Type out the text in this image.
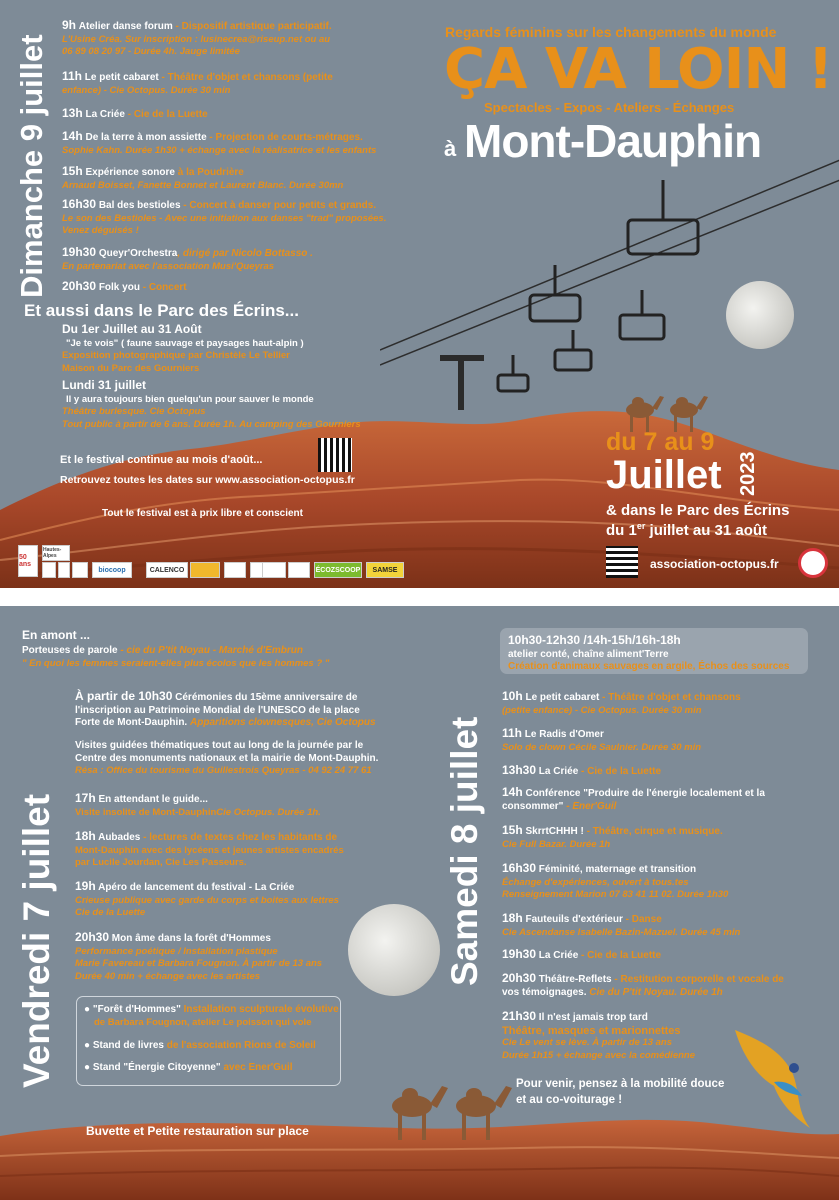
Dimanche 9 juillet
9h Atelier danse forum - Dispositif artistique participatif.
L'Usine Créa. Sur inscription : lusinecrea@riseup.net ou au
06 89 08 20 97 - Durée 4h. Jauge limitée
11h Le petit cabaret - Théâtre d'objet et chansons (petite
enfance) - Cie Octopus. Durée 30 min
13h La Criée - Cie de la Luette
14h De la terre à mon assiette - Projection de courts-métrages.
Sophie Kahn. Durée 1h30 + échange avec la réalisatrice et les enfants
15h Expérience sonore à la Poudrière
Arnaud Boisset, Fanette Bonnet et Laurent Blanc. Durée 30mn
16h30 Bal des bestioles - Concert à danser pour petits et grands.
Le son des Bestioles - Avec une initiation aux danses "trad" proposées.
Venez déguisés !
19h30 Queyr'Orchestra, dirigé par Nicolo Bottasso .
En partenariat avec l'association Musi'Queyras
20h30 Folk you - Concert
Et aussi dans le Parc des Écrins...
Du 1er Juillet au 31 Août
"Je te vois" ( faune sauvage et paysages haut-alpin )
Exposition photographique par Christèle Le Tellier
Maison du Parc des Gourniers
Lundi 31 juillet
Il y aura toujours bien quelqu'un pour sauver le monde
Théâtre burlesque. Cie Octopus
Tout public à partir de 6 ans. Durée 1h. Au camping des Gourniers
Et le festival continue au mois d'août...
Retrouvez toutes les dates sur www.association-octopus.fr
Tout le festival est à prix libre et conscient
50 ans
Hautes-Alpes
biocoop	CALENCO	ÉCOZSCOOP	SAMSE
Regards féminins sur les changements du monde
ÇA VA LOIN !
Spectacles - Expos - Ateliers - Échanges
à Mont-Dauphin
du 7 au 9
Juillet 2023
& dans le Parc des Écrins
du 1er juillet au 31 août
association-octopus.fr
En amont ...
Porteuses de parole - cie du P'tit Noyau - Marché d'Embrun
" En quoi les femmes seraient-elles plus écolos que les hommes ? "
Vendredi 7 juillet	Samedi 8 juillet
À partir de 10h30 Cérémonies du 15ème anniversaire de
l'inscription au Patrimoine Mondial de l'UNESCO de la place
Forte de Mont-Dauphin. Apparitions clownesques, Cie Octopus
Visites guidées thématiques tout au long de la journée par le
Centre des monuments nationaux et la mairie de Mont-Dauphin.
Résa : Office du tourisme du Guillestrois Queyras - 04 92 24 77 61
17h En attendant le guide...
Visite insolite de Mont-DauphinCie Octopus. Durée 1h.
18h Aubades - lectures de textes chez les habitants de
Mont-Dauphin avec des lycéens et jeunes artistes encadrés
par Lucile Jourdan, Cie Les Passeurs.
19h Apéro de lancement du festival - La Criée
Crieuse publique avec garde du corps et boites aux lettres
Cie de la Luette
20h30 Mon âme dans la forêt d'Hommes
Performance poétique / Installation plastique
Marie Favereau et Barbara Fougnon. À partir de 13 ans
Durée 40 min + échange avec les artistes
● "Forêt d'Hommes" Installation sculpturale évolutive
de Barbara Fougnon, atelier Le poisson qui vole
● Stand de livres de l'association Rions de Soleil
● Stand "Énergie Citoyenne" avec Ener'Guil
Buvette et Petite restauration sur place
10h30-12h30 /14h-15h/16h-18h
atelier conté, chaîne aliment'Terre
Création d'animaux sauvages en argile, Échos des sources
10h Le petit cabaret - Théâtre d'objet et chansons
(petite enfance) - Cie Octopus. Durée 30 min
11h Le Radis d'Omer
Solo de clown Cécile Saulnier. Durée 30 min
13h30 La Criée - Cie de la Luette
14h Conférence "Produire de l'énergie localement et la
consommer" - Ener'Guil
15h SkrrtCHHH ! - Théâtre, cirque et musique.
Cie Full Bazar. Durée 1h
16h30 Féminité, maternage et transition
Échange d'expériences, ouvert à tous.tes
Renseignement Marion 07 83 41 11 02. Durée 1h30
18h Fauteuils d'extérieur - Danse
Cie Ascendanse Isabelle Bazin-Mazuel. Durée 45 min
19h30 La Criée - Cie de la Luette
20h30 Théâtre-Reflets - Restitution corporelle et vocale de
vos témoignages. Cie du P'tit Noyau. Durée 1h
21h30 Il n'est jamais trop tard
Théâtre, masques et marionnettes
Cie Le vent se lève. À partir de 13 ans
Durée 1h15 + échange avec la comédienne
Pour venir, pensez à la mobilité douce
et au co-voiturage !
